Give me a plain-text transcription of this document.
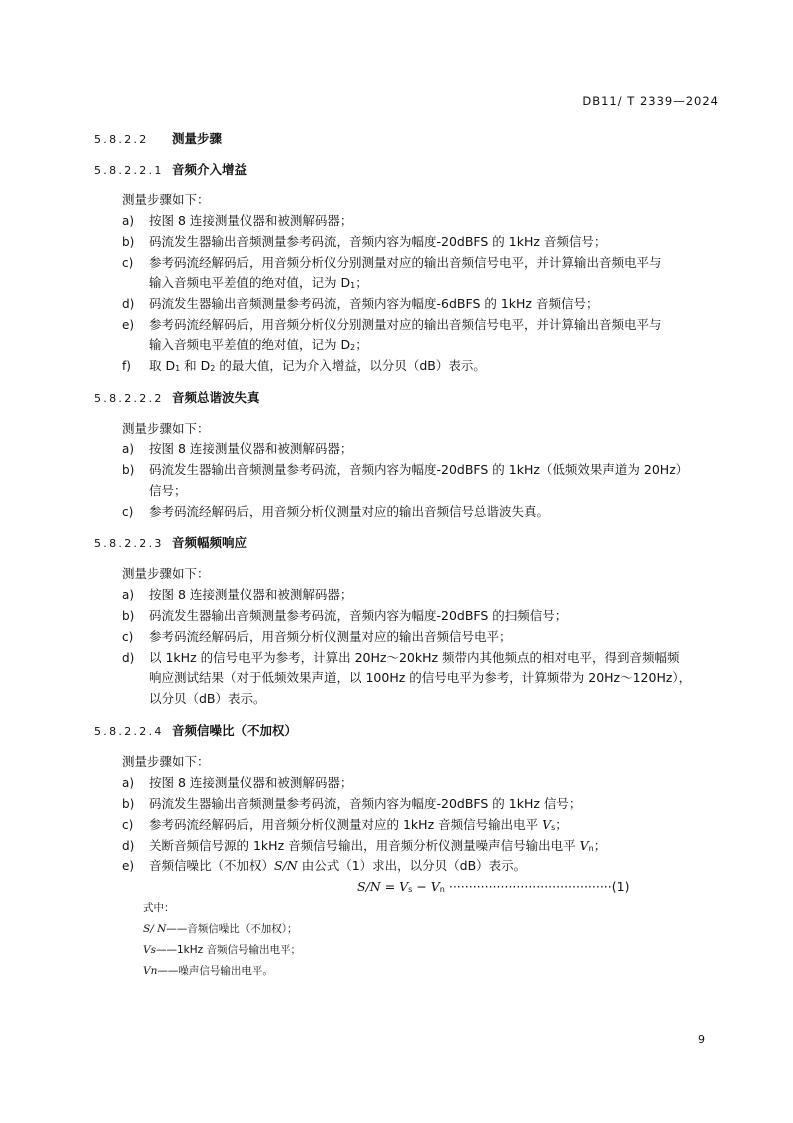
DB11/ T 2339—2024
5.8.2.2 测量步骤
5.8.2.2.1 音频介入增益
测量步骤如下：
a) 按图 8 连接测量仪器和被测解码器；
b) 码流发生器输出音频测量参考码流，音频内容为幅度-20dBFS 的 1kHz 音频信号；
c) 参考码流经解码后，用音频分析仪分别测量对应的输出音频信号电平，并计算输出音频电平与
输入音频电平差值的绝对值，记为 D1；
d) 码流发生器输出音频测量参考码流，音频内容为幅度-6dBFS 的 1kHz 音频信号；
e) 参考码流经解码后，用音频分析仪分别测量对应的输出音频信号电平，并计算输出音频电平与
输入音频电平差值的绝对值，记为 D2；
f) 取 D1 和 D2 的最大值，记为介入增益，以分贝（dB）表示。
5.8.2.2.2 音频总谐波失真
测量步骤如下：
a) 按图 8 连接测量仪器和被测解码器；
b) 码流发生器输出音频测量参考码流，音频内容为幅度-20dBFS 的 1kHz（低频效果声道为 20Hz）
信号；
c) 参考码流经解码后，用音频分析仪测量对应的输出音频信号总谐波失真。
5.8.2.2.3 音频幅频响应
测量步骤如下：
a) 按图 8 连接测量仪器和被测解码器；
b) 码流发生器输出音频测量参考码流，音频内容为幅度-20dBFS 的扫频信号；
c) 参考码流经解码后，用音频分析仪测量对应的输出音频信号电平；
d) 以 1kHz 的信号电平为参考，计算出 20Hz～20kHz 频带内其他频点的相对电平，得到音频幅频
响应测试结果（对于低频效果声道，以 100Hz 的信号电平为参考，计算频带为 20Hz～120Hz），
以分贝（dB）表示。
5.8.2.2.4 音频信噪比（不加权）
测量步骤如下：
a) 按图 8 连接测量仪器和被测解码器；
b) 码流发生器输出音频测量参考码流，音频内容为幅度-20dBFS 的 1kHz 信号；
c) 参考码流经解码后，用音频分析仪测量对应的 1kHz 音频信号输出电平 Vs；
d) 关断音频信号源的 1kHz 音频信号输出，用音频分析仪测量噪声信号输出电平 Vn；
e) 音频信噪比（不加权）S/N 由公式（1）求出，以分贝（dB）表示。
S/N = Vs − Vn ·········································(1)
式中：
S/ N——音频信噪比（不加权）；
Vs——1kHz 音频信号输出电平；
Vn——噪声信号输出电平。
9
